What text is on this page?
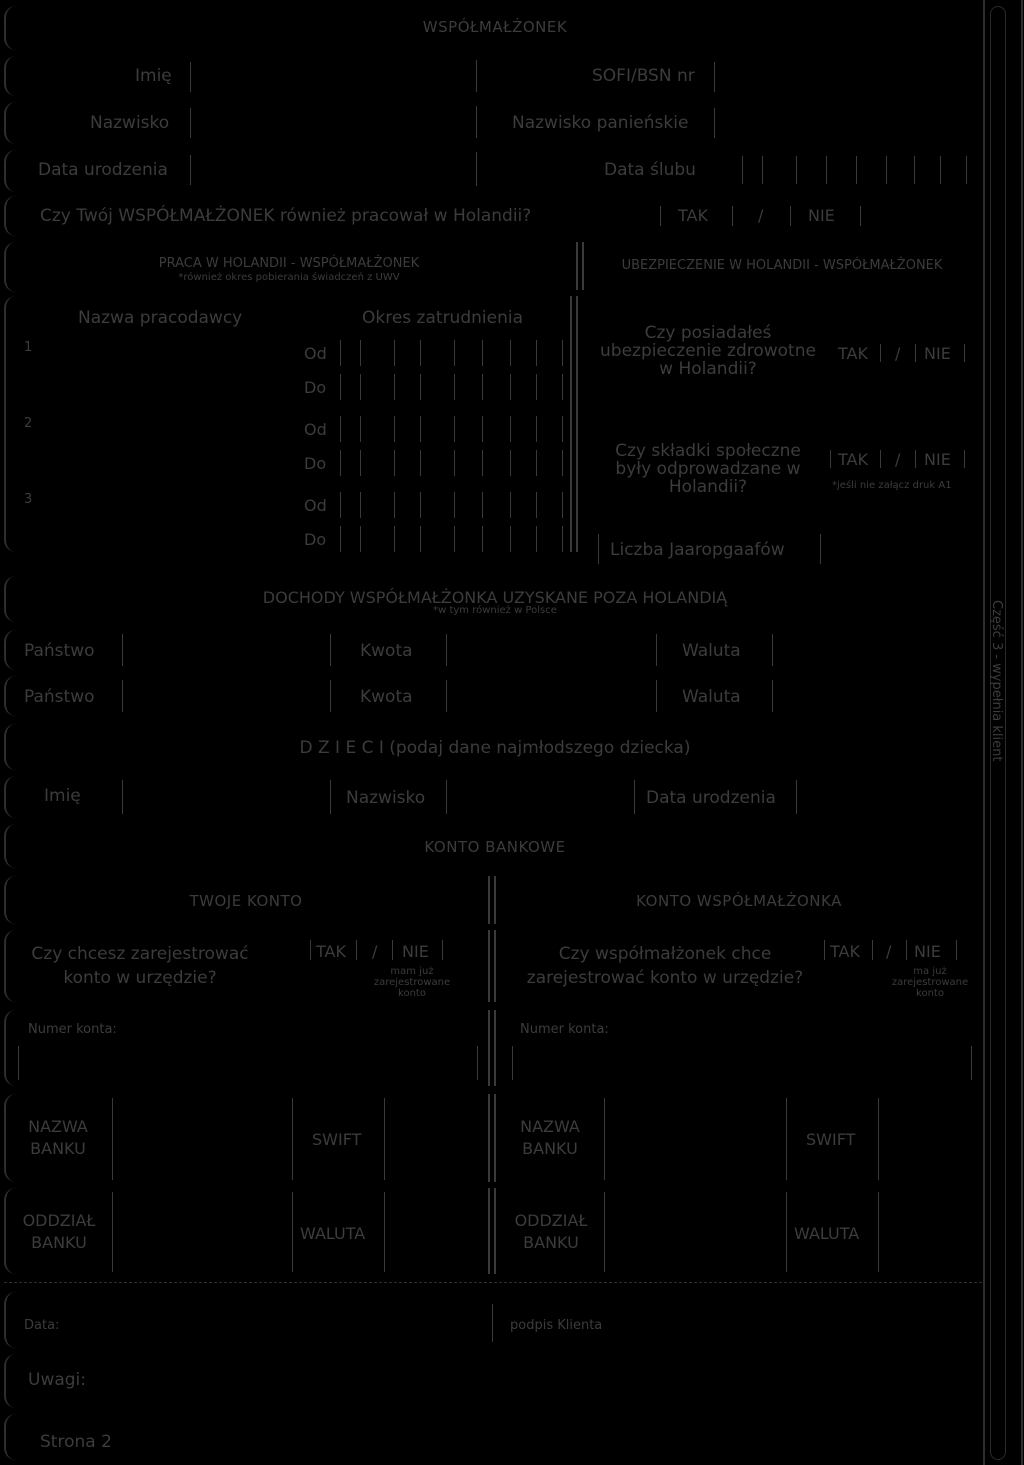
Część 3 - wypełnia klient
WSPÓŁMAŁŻONEK
Imię	SOFI/BSN nr
Nazwisko	Nazwisko panieńskie
Data urodzenia	Data ślubu
Czy Twój WSPÓŁMAŁŻONEK również pracował w Holandii?	TAK	/	NIE
PRACA W HOLANDII - WSPÓŁMAŁŻONEK
*również okres pobierania świadczeń z UWV
UBEZPIECZENIE W HOLANDII - WSPÓŁMAŁŻONEK
Nazwa pracodawcy	Okres zatrudnienia
1	Od
Do
2	Od
Do
3	Od
Do
Czy posiadałeś ubezpieczenie zdrowotne w Holandii?
TAK / NIE
Czy składki społeczne były odprowadzane w Holandii?
TAK / NIE
*jeśli nie załącz druk A1
Liczba Jaaropgaafów
DOCHODY WSPÓŁMAŁŻONKA UZYSKANE POZA HOLANDIĄ
*w tym również w Polsce
Państwo	Kwota	Waluta
Państwo	Kwota	Waluta
D Z I E C I (podaj dane najmłodszego dziecka)
Imię	Nazwisko	Data urodzenia
KONTO BANKOWE
TWOJE KONTO	KONTO WSPÓŁMAŁŻONKA
Czy chcesz zarejestrować
konto w urzędzie?
TAK / NIE
mam już zarejestrowane konto
Czy współmałżonek chce
zarejestrować konto w urzędzie?
TAK / NIE
ma już zarejestrowane konto
Numer konta:	Numer konta:
NAZWA BANKU	SWIFT
NAZWA BANKU	SWIFT
ODDZIAŁ BANKU	WALUTA
ODDZIAŁ BANKU	WALUTA
Data:	podpis Klienta
Uwagi:
Strona 2
